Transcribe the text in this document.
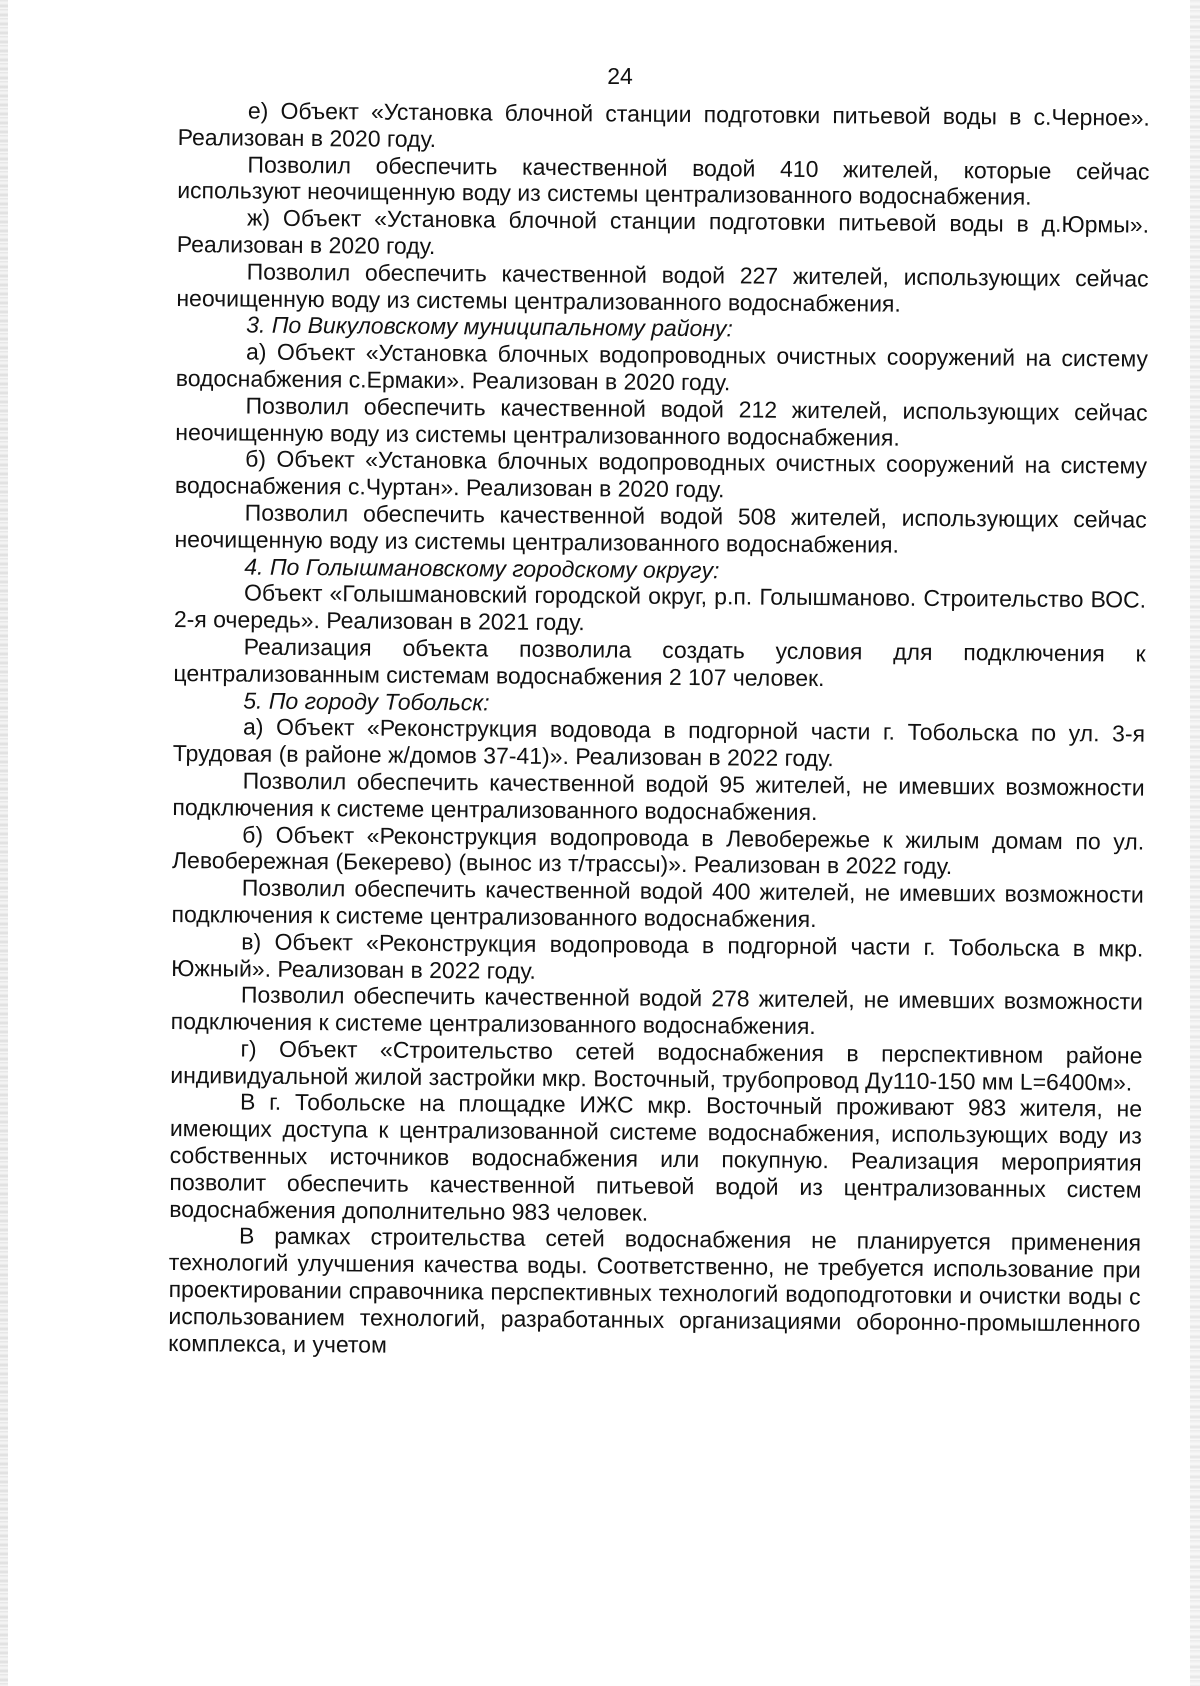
24

е) Объект «Установка блочной станции подготовки питьевой воды в с.Черное». Реализован в 2020 году.

Позволил обеспечить качественной водой 410 жителей, которые сейчас используют неочищенную воду из системы централизованного водоснабжения.

ж) Объект «Установка блочной станции подготовки питьевой воды в д.Юрмы». Реализован в 2020 году.

Позволил обеспечить качественной водой 227 жителей, использующих сейчас неочищенную воду из системы централизованного водоснабжения.

3. По Викуловскому муниципальному району:

а) Объект «Установка блочных водопроводных очистных сооружений на систему водоснабжения с.Ермаки». Реализован в 2020 году.

Позволил обеспечить качественной водой 212 жителей, использующих сейчас неочищенную воду из системы централизованного водоснабжения.

б) Объект «Установка блочных водопроводных очистных сооружений на систему водоснабжения с.Чуртан». Реализован в 2020 году.

Позволил обеспечить качественной водой 508 жителей, использующих сейчас неочищенную воду из системы централизованного водоснабжения.

4. По Голышмановскому городскому округу:

Объект «Голышмановский городской округ, р.п. Голышманово. Строительство ВОС. 2-я очередь». Реализован в 2021 году.

Реализация объекта позволила создать условия для подключения к централизованным системам водоснабжения 2 107 человек.

5. По городу Тобольск:

а) Объект «Реконструкция водовода в подгорной части г. Тобольска по ул. 3-я Трудовая (в районе ж/домов 37-41)». Реализован в 2022 году.

Позволил обеспечить качественной водой 95 жителей, не имевших возможности подключения к системе централизованного водоснабжения.

б) Объект «Реконструкция водопровода в Левобережье к жилым домам по ул. Левобережная (Бекерево) (вынос из т/трассы)». Реализован в 2022 году.

Позволил обеспечить качественной водой 400 жителей, не имевших возможности подключения к системе централизованного водоснабжения.

в) Объект «Реконструкция водопровода в подгорной части г. Тобольска в мкр. Южный». Реализован в 2022 году.

Позволил обеспечить качественной водой 278 жителей, не имевших возможности подключения к системе централизованного водоснабжения.

г) Объект «Строительство сетей водоснабжения в перспективном районе индивидуальной жилой застройки мкр. Восточный, трубопровод Ду110-150 мм L=6400м».

В г. Тобольске на площадке ИЖС мкр. Восточный проживают 983 жителя, не имеющих доступа к централизованной системе водоснабжения, использующих воду из собственных источников водоснабжения или покупную. Реализация мероприятия позволит обеспечить качественной питьевой водой из централизованных систем водоснабжения дополнительно 983 человек.

В рамках строительства сетей водоснабжения не планируется применения технологий улучшения качества воды. Соответственно, не требуется использование при проектировании справочника перспективных технологий водоподготовки и очистки воды с использованием технологий, разработанных организациями оборонно-промышленного комплекса, и учетом
